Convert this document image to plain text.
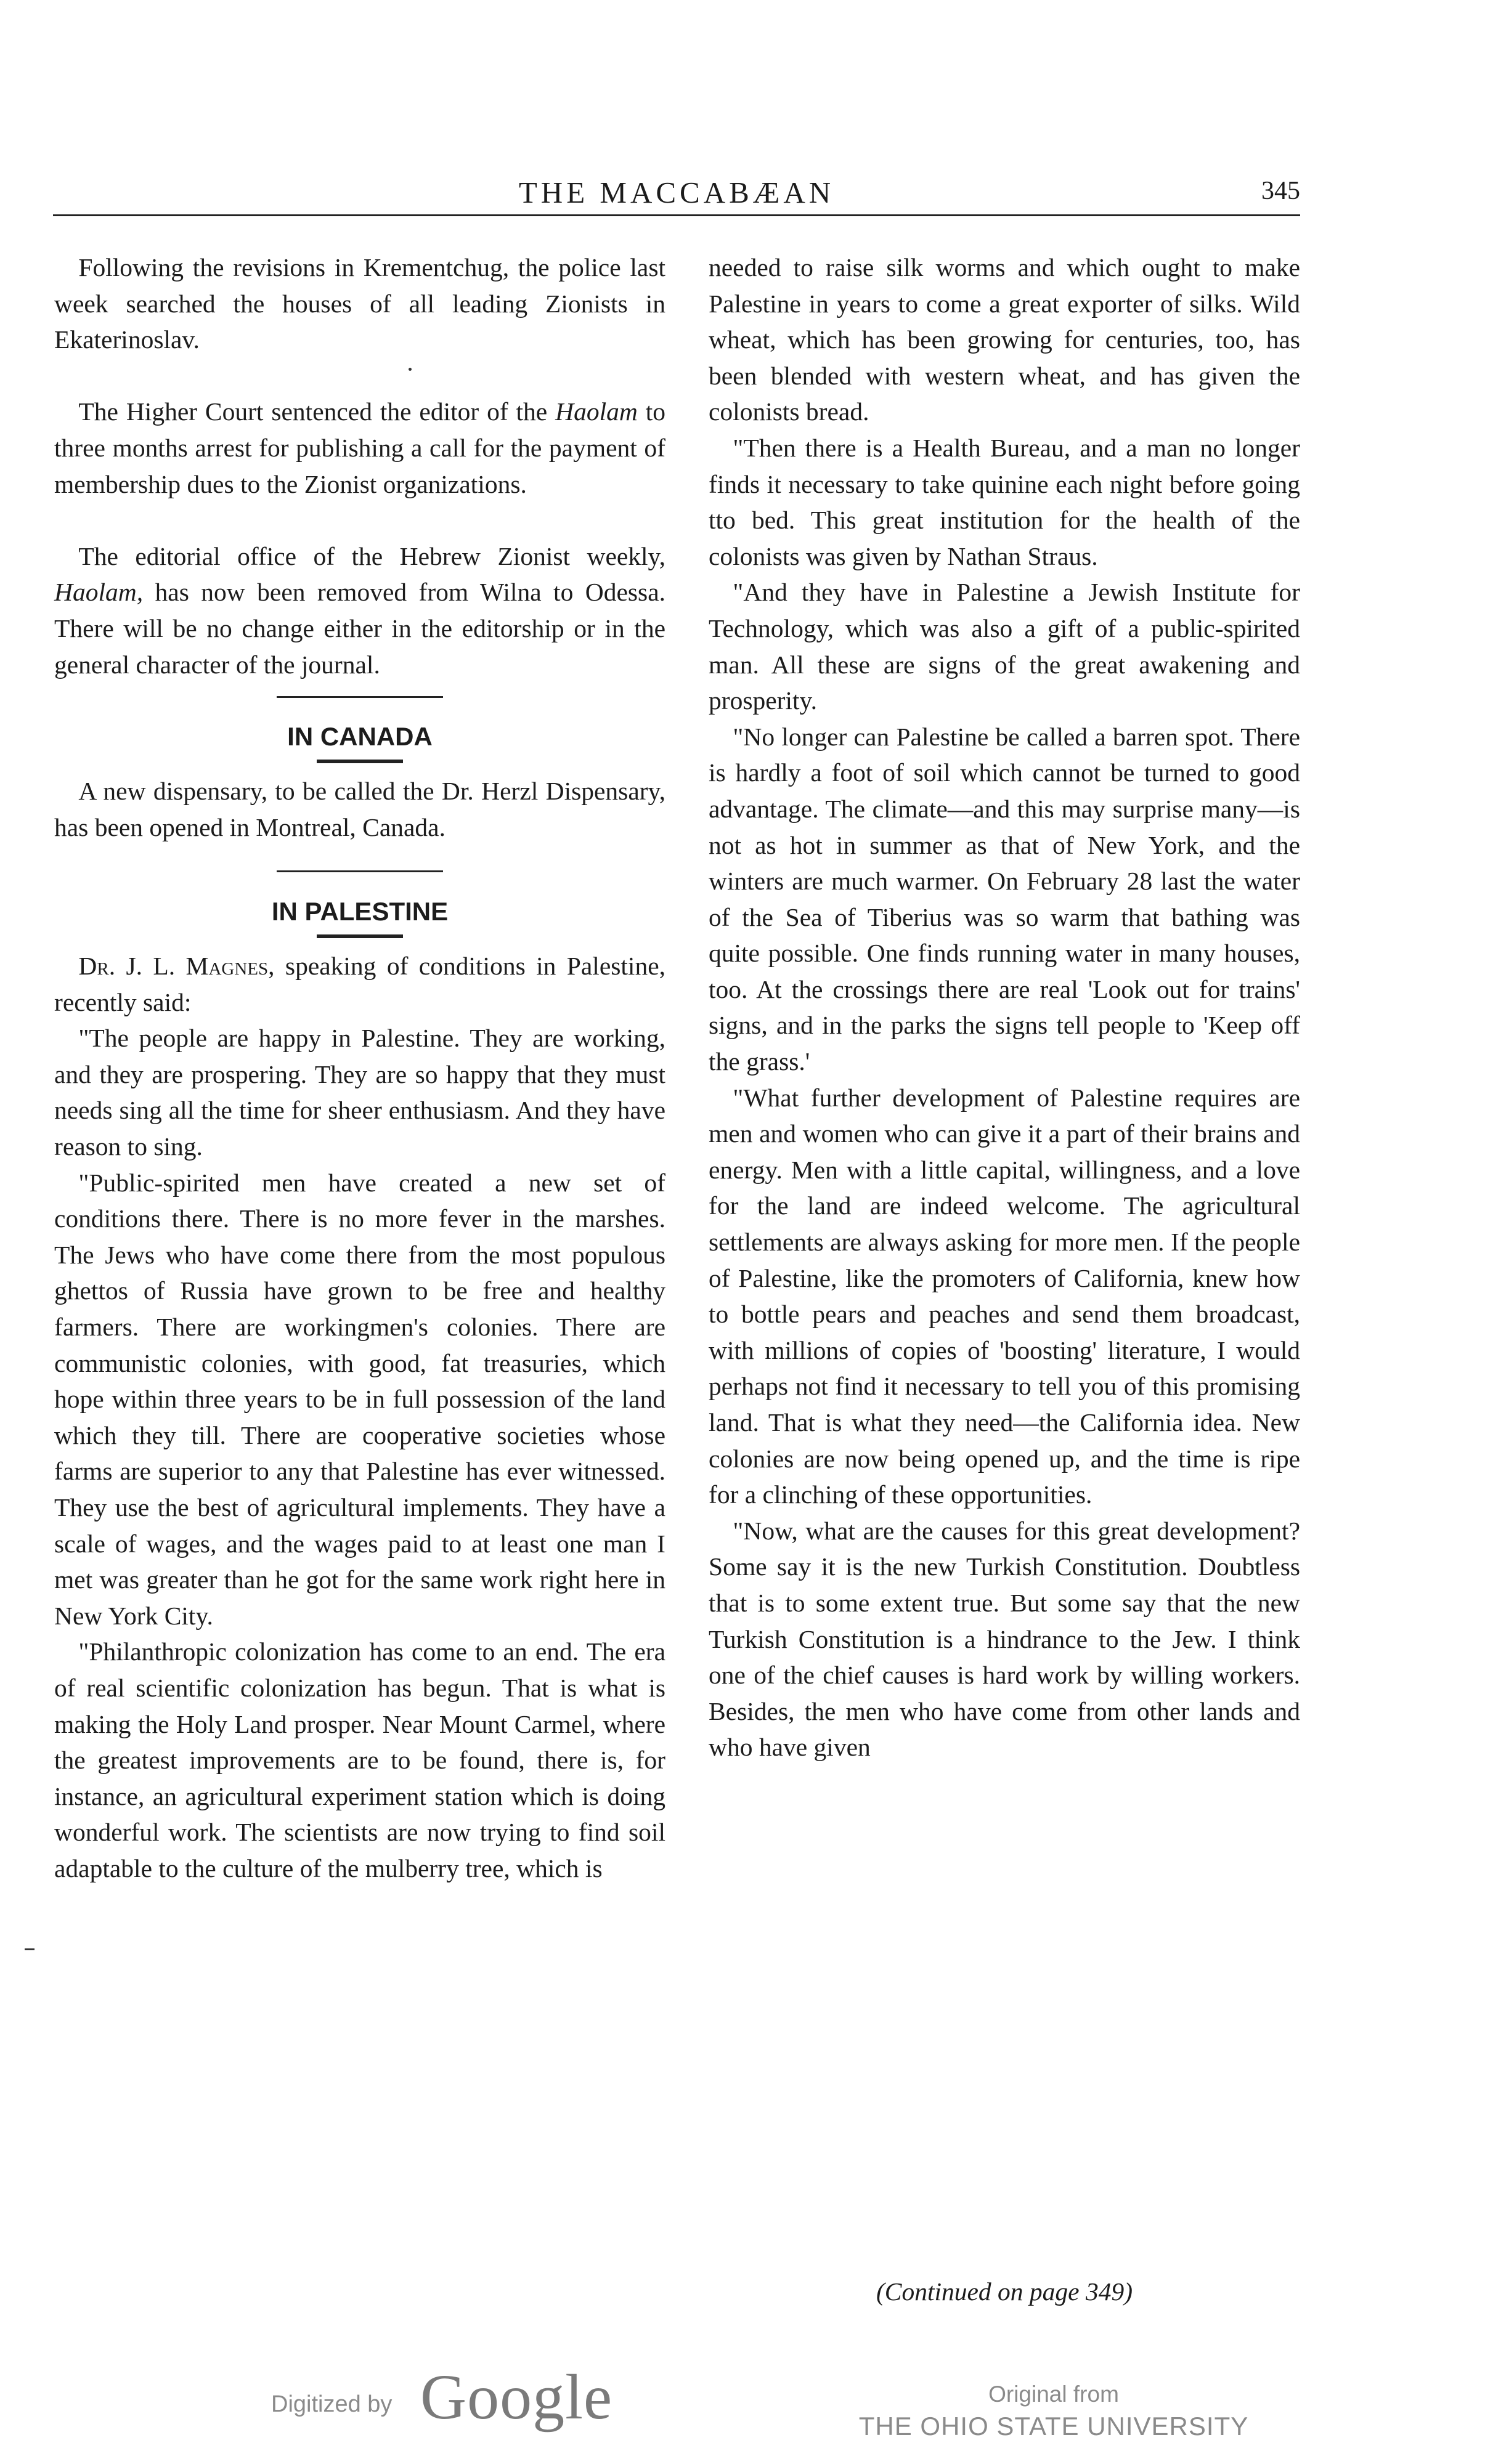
THE MACCABÆAN	345

Following the revisions in Krementchug, the police last week searched the houses of all leading Zionists in Ekaterinoslav.

The Higher Court sentenced the editor of the Haolam to three months arrest for publishing a call for the payment of membership dues to the Zionist organizations.

The editorial office of the Hebrew Zionist weekly, Haolam, has now been removed from Wilna to Odessa. There will be no change either in the editorship or in the general character of the journal.

IN CANADA

A new dispensary, to be called the Dr. Herzl Dispensary, has been opened in Montreal, Canada.

IN PALESTINE

Dr. J. L. Magnes, speaking of conditions in Palestine, recently said:

"The people are happy in Palestine. They are working, and they are prospering. They are so happy that they must needs sing all the time for sheer enthusiasm. And they have reason to sing.

"Public-spirited men have created a new set of conditions there. There is no more fever in the marshes. The Jews who have come there from the most populous ghettos of Russia have grown to be free and healthy farmers. There are workingmen's colonies. There are communistic colonies, with good, fat treasuries, which hope within three years to be in full possession of the land which they till. There are cooperative societies whose farms are superior to any that Palestine has ever witnessed. They use the best of agricultural implements. They have a scale of wages, and the wages paid to at least one man I met was greater than he got for the same work right here in New York City.

"Philanthropic colonization has come to an end. The era of real scientific colonization has begun. That is what is making the Holy Land prosper. Near Mount Carmel, where the greatest improvements are to be found, there is, for instance, an agricultural experiment station which is doing wonderful work. The scientists are now trying to find soil adaptable to the culture of the mulberry tree, which is

needed to raise silk worms and which ought to make Palestine in years to come a great exporter of silks. Wild wheat, which has been growing for centuries, too, has been blended with western wheat, and has given the colonists bread.

"Then there is a Health Bureau, and a man no longer finds it necessary to take quinine each night before going tto bed. This great institution for the health of the colonists was given by Nathan Straus.

"And they have in Palestine a Jewish Institute for Technology, which was also a gift of a public-spirited man. All these are signs of the great awakening and prosperity.

"No longer can Palestine be called a barren spot. There is hardly a foot of soil which cannot be turned to good advantage. The climate—and this may surprise many—is not as hot in summer as that of New York, and the winters are much warmer. On February 28 last the water of the Sea of Tiberius was so warm that bathing was quite possible. One finds running water in many houses, too. At the crossings there are real 'Look out for trains' signs, and in the parks the signs tell people to 'Keep off the grass.'

"What further development of Palestine requires are men and women who can give it a part of their brains and energy. Men with a little capital, willingness, and a love for the land are indeed welcome. The agricultural settlements are always asking for more men. If the people of Palestine, like the promoters of California, knew how to bottle pears and peaches and send them broadcast, with millions of copies of 'boosting' literature, I would perhaps not find it necessary to tell you of this promising land. That is what they need—the California idea. New colonies are now being opened up, and the time is ripe for a clinching of these opportunities.

"Now, what are the causes for this great development? Some say it is the new Turkish Constitution. Doubtless that is to some extent true. But some say that the new Turkish Constitution is a hindrance to the Jew. I think one of the chief causes is hard work by willing workers. Besides, the men who have come from other lands and who have given

(Continued on page 349)
Digitized by Google	Original from
THE OHIO STATE UNIVERSITY
